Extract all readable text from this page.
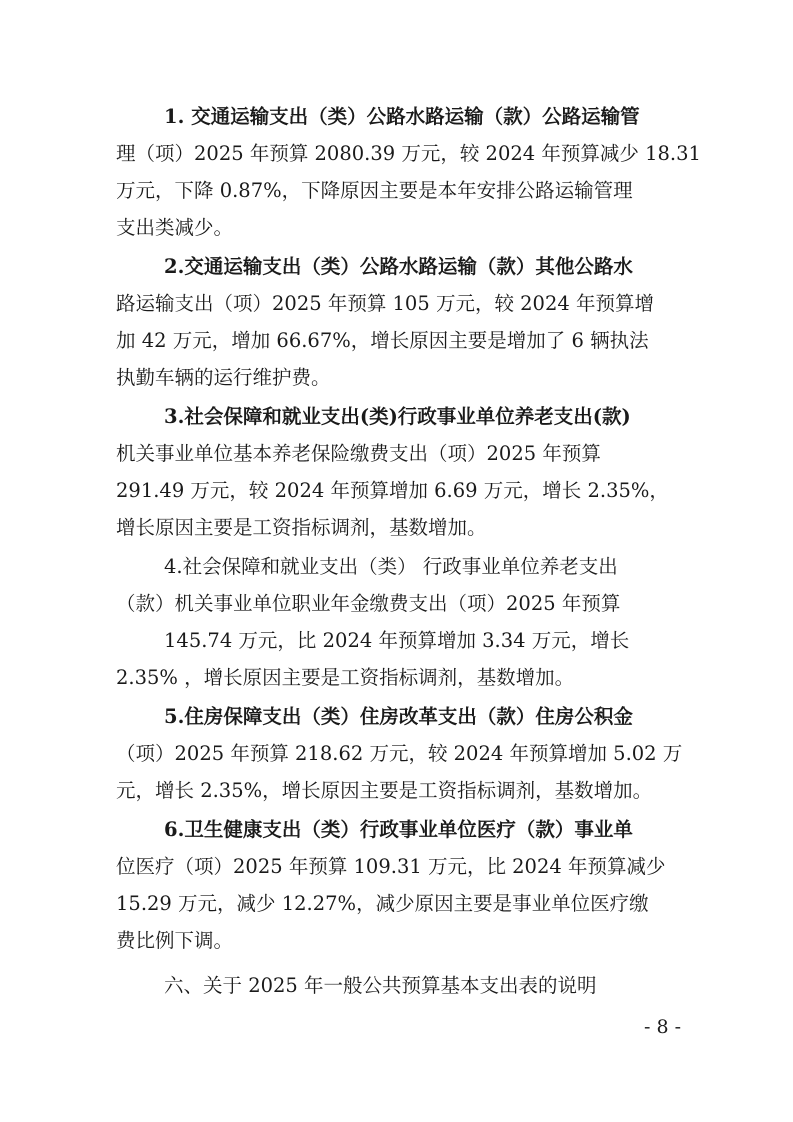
1. 交通运输支出（类）公路水路运输（款）公路运输管
理（项）2025 年预算 2080.39 万元，较 2024 年预算减少 18.31
万元，下降 0.87%，下降原因主要是本年安排公路运输管理
支出类减少。
2.交通运输支出（类）公路水路运输（款）其他公路水
路运输支出（项）2025 年预算 105 万元，较 2024 年预算增
加 42 万元，增加 66.67%，增长原因主要是增加了 6 辆执法
执勤车辆的运行维护费。
3.社会保障和就业支出(类)行政事业单位养老支出(款)
机关事业单位基本养老保险缴费支出（项）2025 年预算
291.49 万元，较 2024 年预算增加 6.69 万元，增长 2.35%，
增长原因主要是工资指标调剂，基数增加。
4.社会保障和就业支出（类） 行政事业单位养老支出
（款）机关事业单位职业年金缴费支出（项）2025 年预算
145.74 万元，比 2024 年预算增加 3.34 万元，增长
2.35% ，增长原因主要是工资指标调剂，基数增加。
5.住房保障支出（类）住房改革支出（款）住房公积金
（项）2025 年预算 218.62 万元，较 2024 年预算增加 5.02 万
元，增长 2.35%，增长原因主要是工资指标调剂，基数增加。
6.卫生健康支出（类）行政事业单位医疗（款）事业单
位医疗（项）2025 年预算 109.31 万元，比 2024 年预算减少
15.29 万元，减少 12.27%，减少原因主要是事业单位医疗缴
费比例下调。
六、关于 2025 年一般公共预算基本支出表的说明
- 8 -
